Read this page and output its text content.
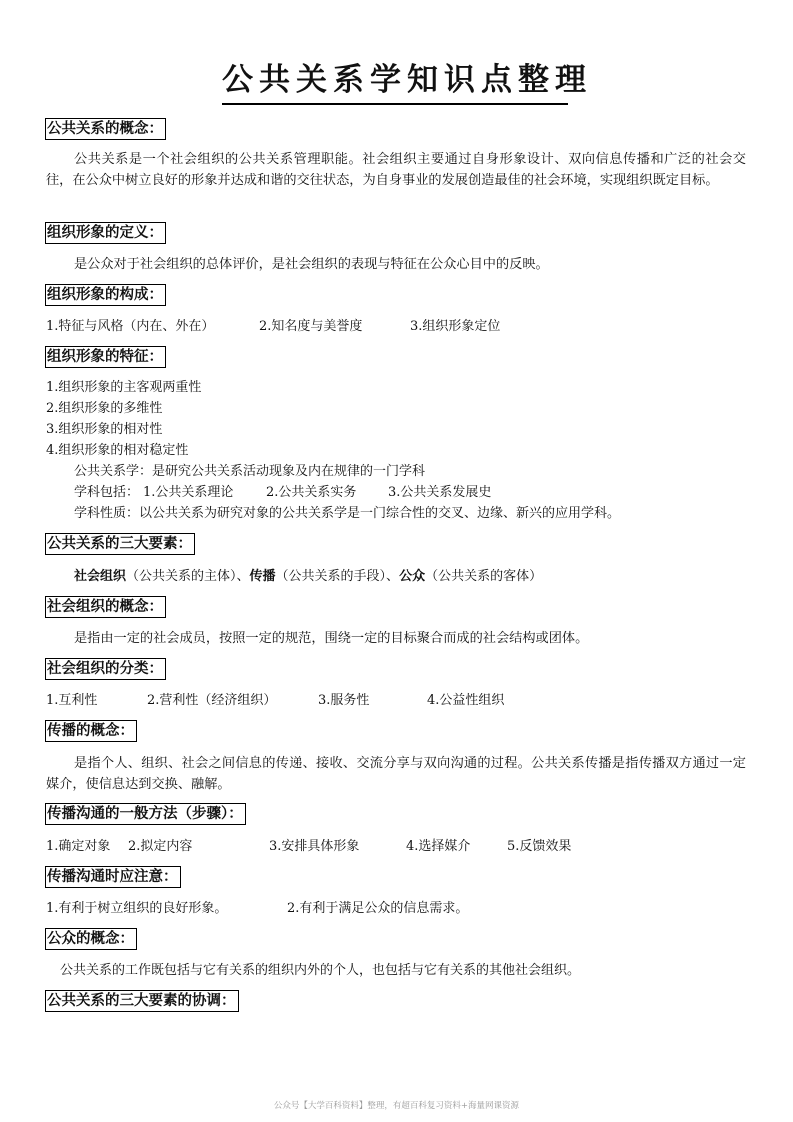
公共关系学知识点整理
公共关系的概念：
公共关系是一个社会组织的公共关系管理职能。社会组织主要通过自身形象设计、双向信息传播和广泛的社会交往，在公众中树立良好的形象并达成和谐的交往状态，为自身事业的发展创造最佳的社会环境，实现组织既定目标。
组织形象的定义：
是公众对于社会组织的总体评价，是社会组织的表现与特征在公众心目中的反映。
组织形象的构成：
1.特征与风格（内在、外在）	2.知名度与美誉度	3.组织形象定位
组织形象的特征：
1.组织形象的主客观两重性
2.组织形象的多维性
3.组织形象的相对性
4.组织形象的相对稳定性
公共关系学：是研究公共关系活动现象及内在规律的一门学科
学科包括： 1.公共关系理论	2.公共关系实务 3.公共关系发展史
学科性质：以公共关系为研究对象的公共关系学是一门综合性的交叉、边缘、新兴的应用学科。
公共关系的三大要素：
社会组织（公共关系的主体）、传播（公共关系的手段）、公众（公共关系的客体）
社会组织的概念：
是指由一定的社会成员，按照一定的规范，围绕一定的目标聚合而成的社会结构或团体。
社会组织的分类：
1.互利性	2.营利性（经济组织）	3.服务性	4.公益性组织
传播的概念：
是指个人、组织、社会之间信息的传递、接收、交流分享与双向沟通的过程。公共关系传播是指传播双方通过一定媒介，使信息达到交换、融解。
传播沟通的一般方法（步骤）：
1.确定对象 2.拟定内容	3.安排具体形象	4.选择媒介	5.反馈效果
传播沟通时应注意：
1.有利于树立组织的良好形象。	2.有利于满足公众的信息需求。
公众的概念：
公共关系的工作既包括与它有关系的组织内外的个人，也包括与它有关系的其他社会组织。
公共关系的三大要素的协调：
公众号【大学百科资料】整理，有超百科复习资料+海量网课资源
